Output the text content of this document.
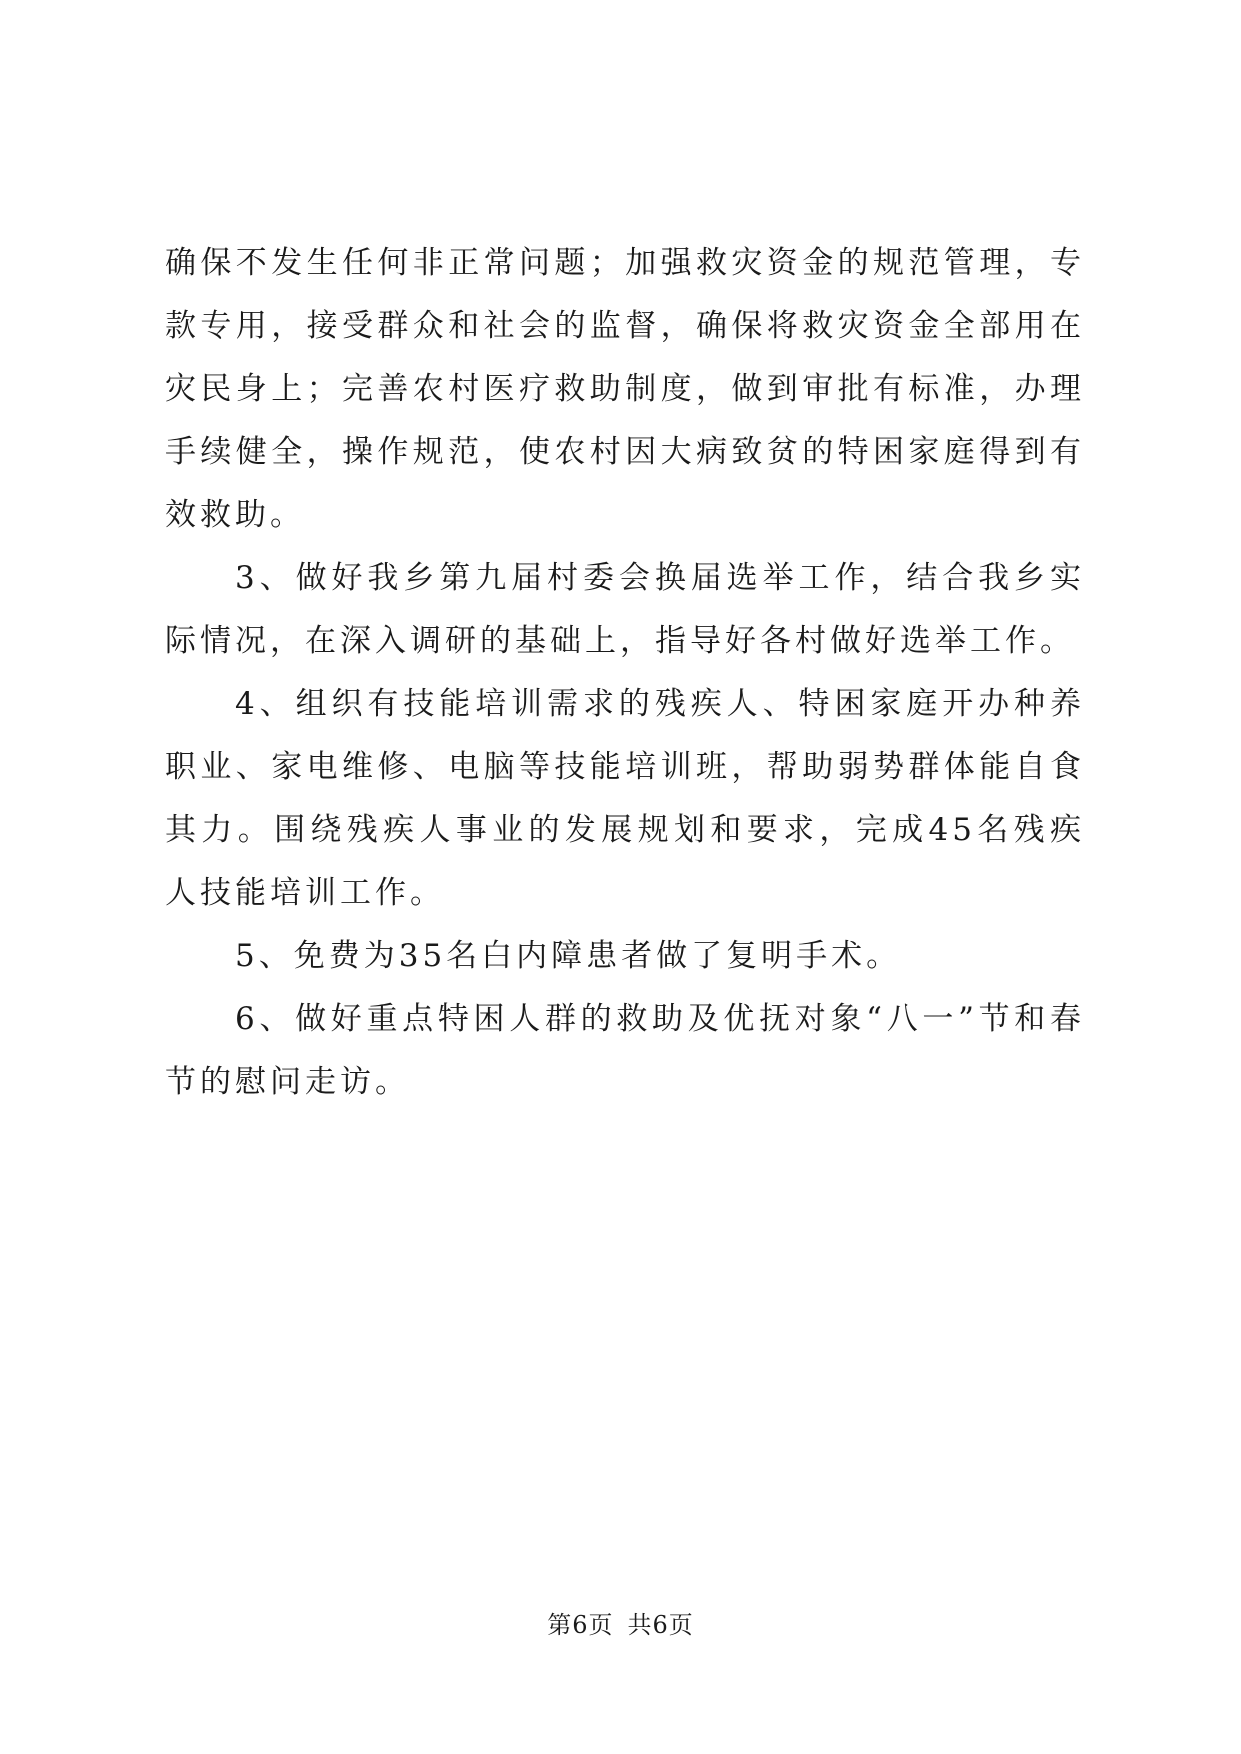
确保不发生任何非正常问题；加强救灾资金的规范管理，专款专用，接受群众和社会的监督，确保将救灾资金全部用在灾民身上；完善农村医疗救助制度，做到审批有标准，办理手续健全，操作规范，使农村因大病致贫的特困家庭得到有效救助。

3、做好我乡第九届村委会换届选举工作，结合我乡实际情况，在深入调研的基础上，指导好各村做好选举工作。

4、组织有技能培训需求的残疾人、特困家庭开办种养职业、家电维修、电脑等技能培训班，帮助弱势群体能自食其力。围绕残疾人事业的发展规划和要求，完成45名残疾人技能培训工作。

5、免费为35名白内障患者做了复明手术。

6、做好重点特困人群的救助及优抚对象“八一”节和春节的慰问走访。

第6页 共6页
